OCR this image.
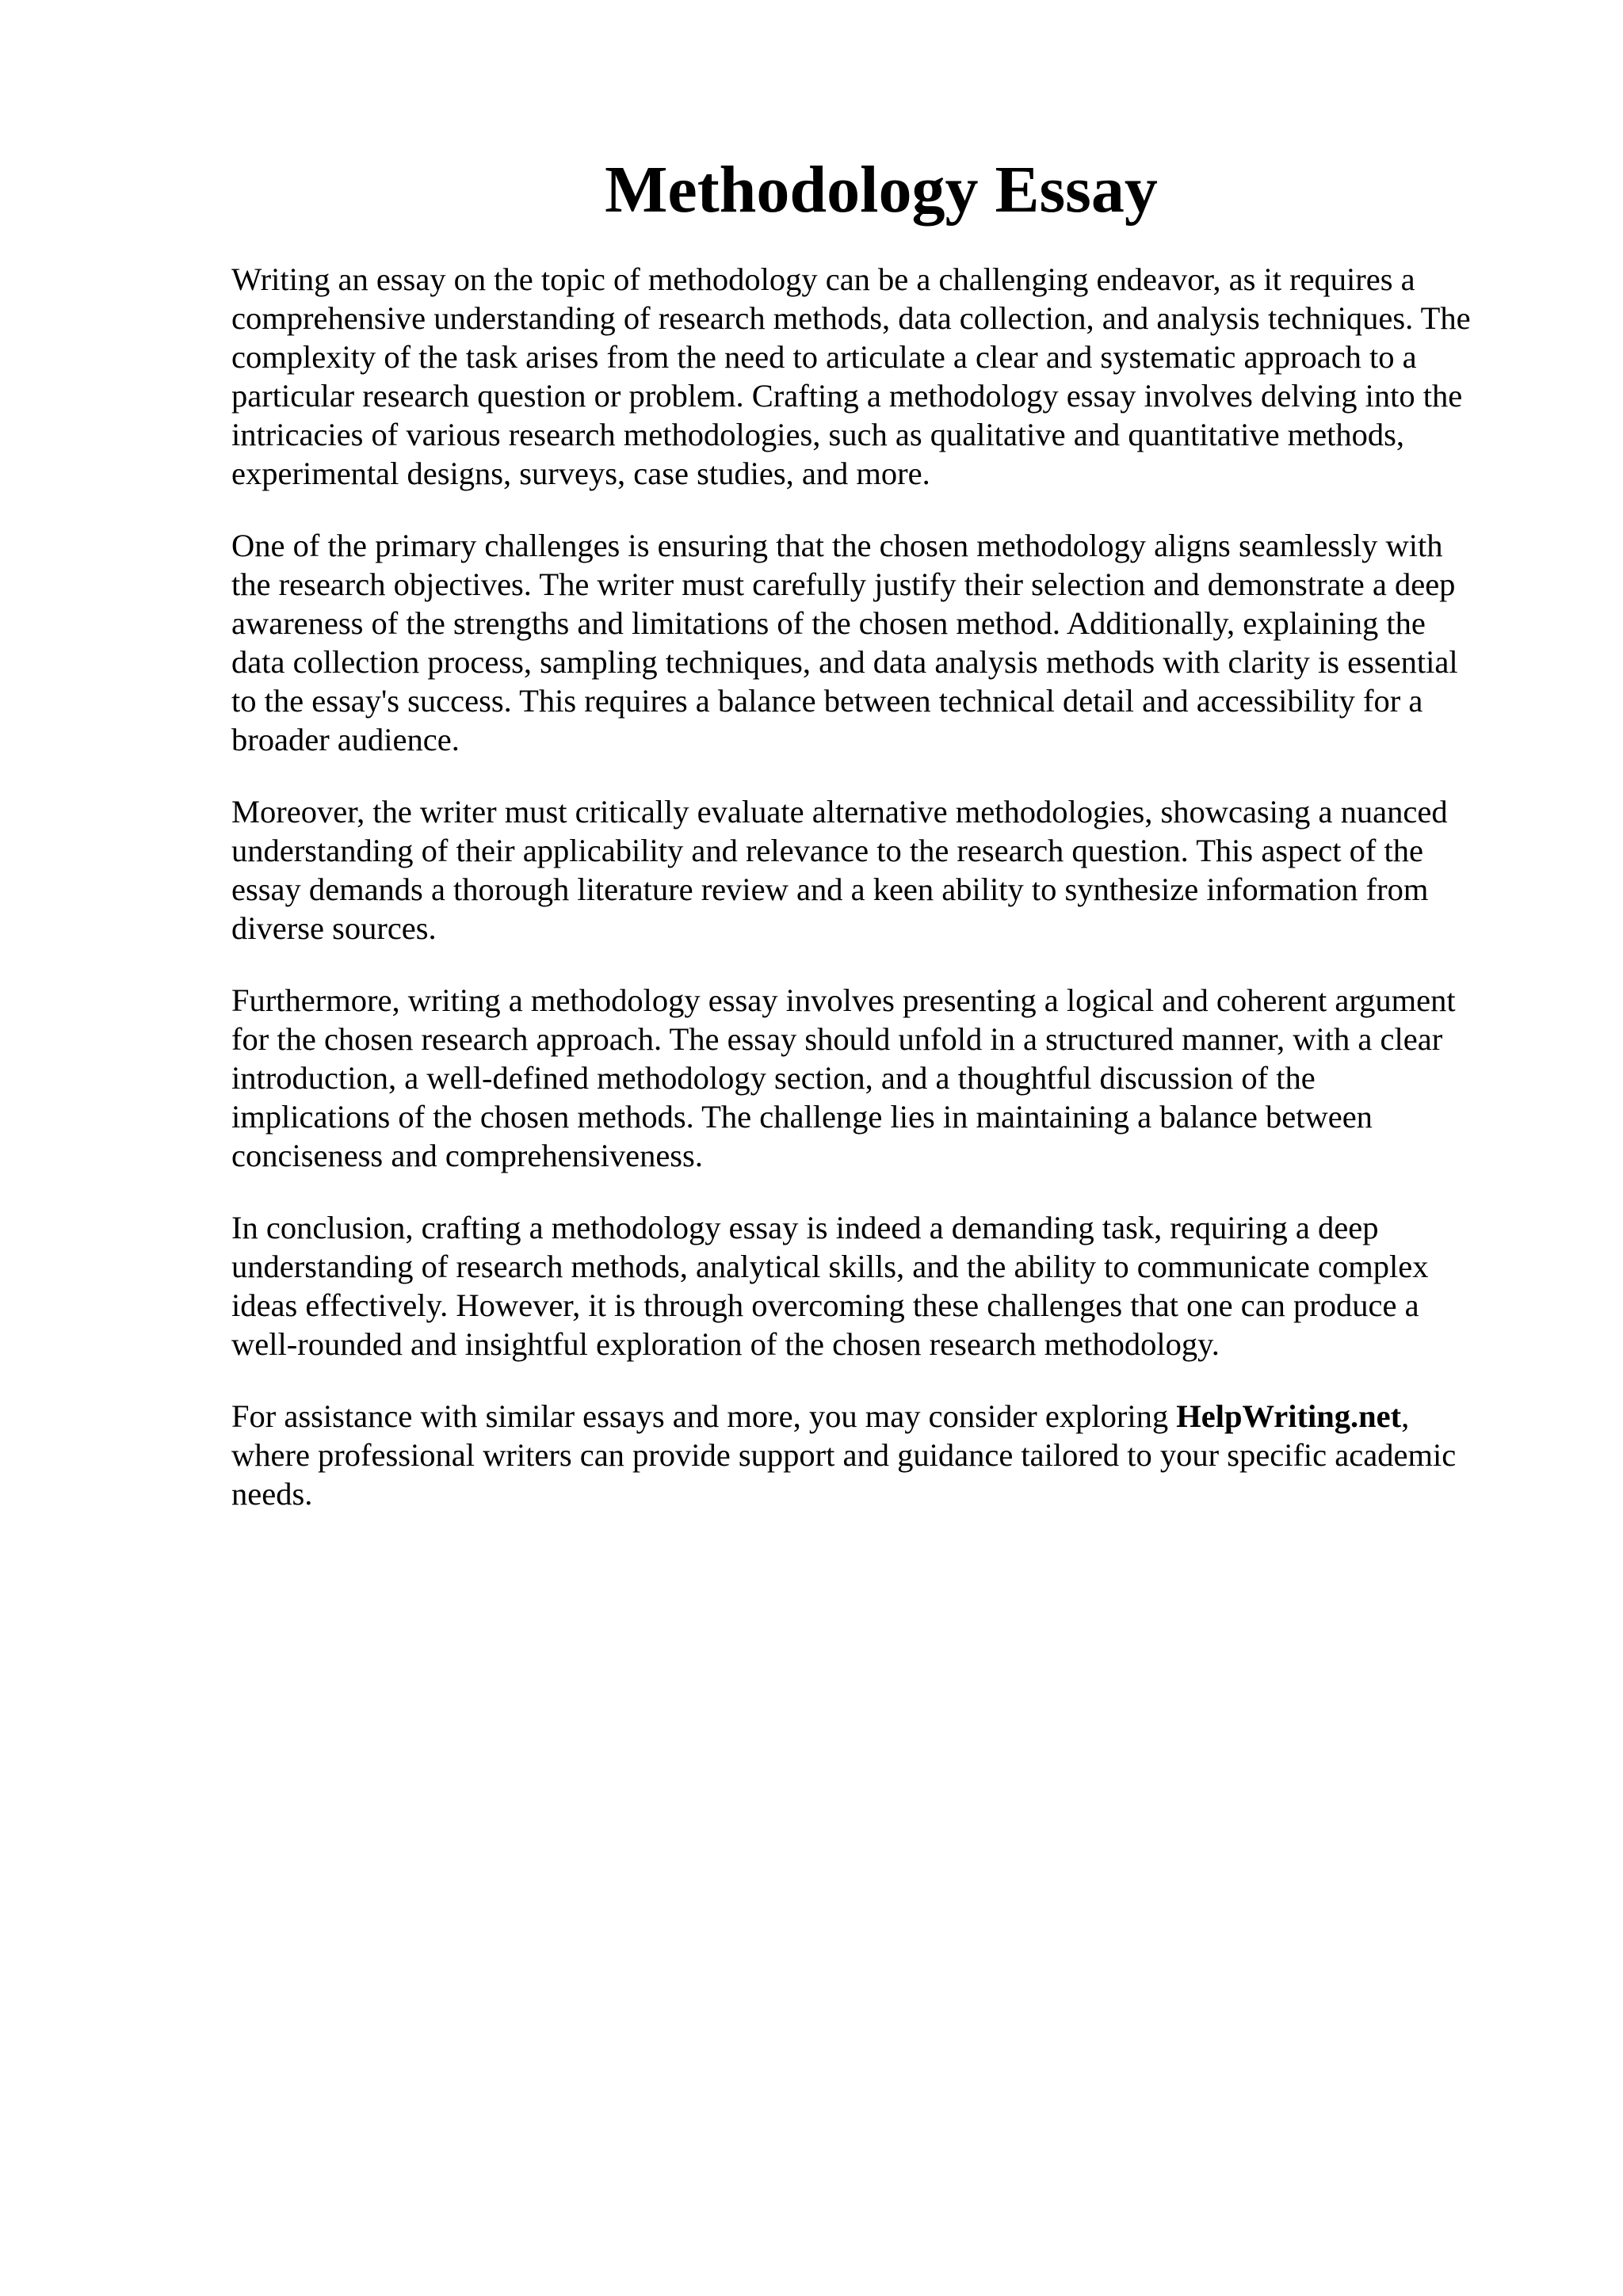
Methodology Essay

Writing an essay on the topic of methodology can be a challenging endeavor, as it requires a
comprehensive understanding of research methods, data collection, and analysis techniques. The
complexity of the task arises from the need to articulate a clear and systematic approach to a
particular research question or problem. Crafting a methodology essay involves delving into the
intricacies of various research methodologies, such as qualitative and quantitative methods,
experimental designs, surveys, case studies, and more.

One of the primary challenges is ensuring that the chosen methodology aligns seamlessly with
the research objectives. The writer must carefully justify their selection and demonstrate a deep
awareness of the strengths and limitations of the chosen method. Additionally, explaining the
data collection process, sampling techniques, and data analysis methods with clarity is essential
to the essay's success. This requires a balance between technical detail and accessibility for a
broader audience.

Moreover, the writer must critically evaluate alternative methodologies, showcasing a nuanced
understanding of their applicability and relevance to the research question. This aspect of the
essay demands a thorough literature review and a keen ability to synthesize information from
diverse sources.

Furthermore, writing a methodology essay involves presenting a logical and coherent argument
for the chosen research approach. The essay should unfold in a structured manner, with a clear
introduction, a well-defined methodology section, and a thoughtful discussion of the
implications of the chosen methods. The challenge lies in maintaining a balance between
conciseness and comprehensiveness.

In conclusion, crafting a methodology essay is indeed a demanding task, requiring a deep
understanding of research methods, analytical skills, and the ability to communicate complex
ideas effectively. However, it is through overcoming these challenges that one can produce a
well-rounded and insightful exploration of the chosen research methodology.

For assistance with similar essays and more, you may consider exploring HelpWriting.net,
where professional writers can provide support and guidance tailored to your specific academic
needs.
